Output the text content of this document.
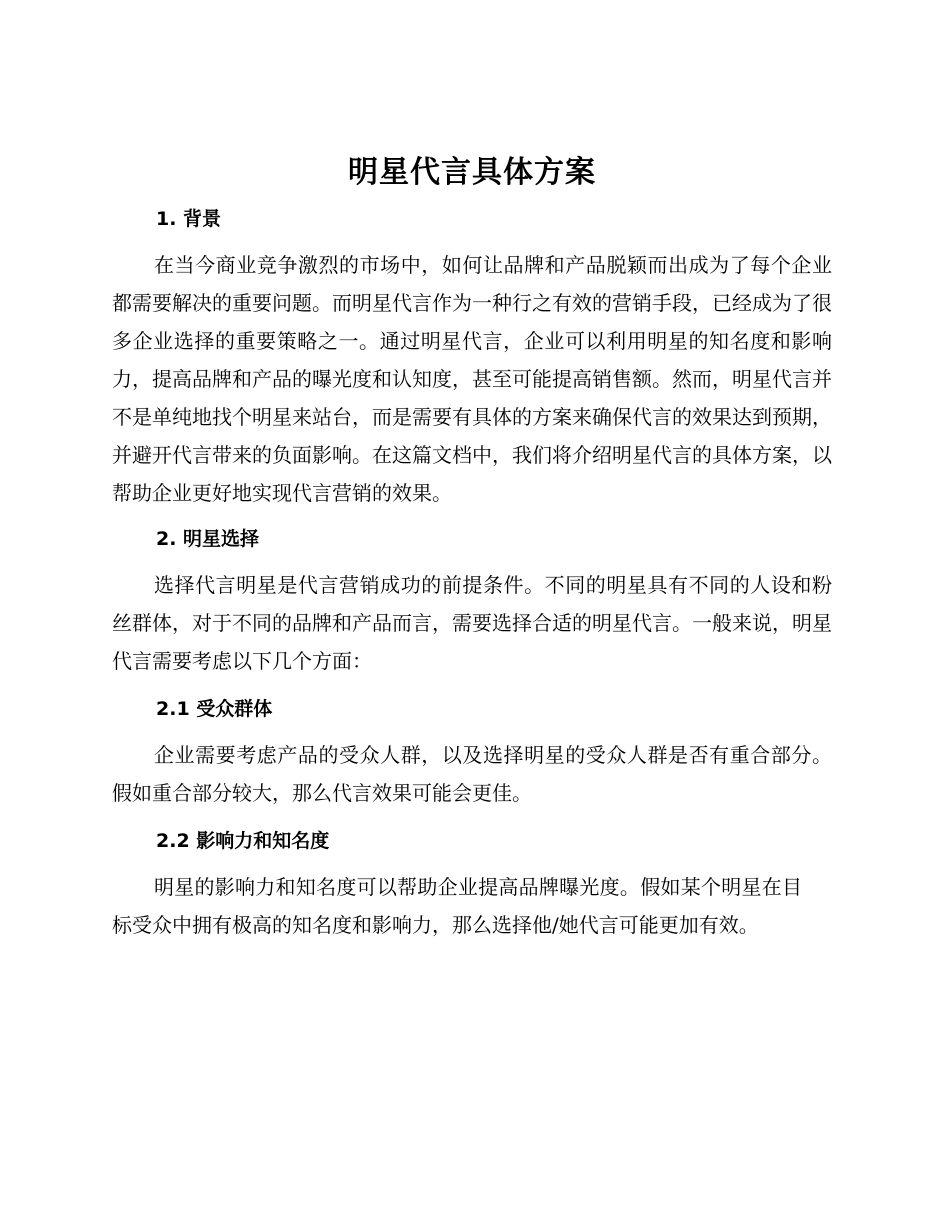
明星代言具体方案
1. 背景

在当今商业竞争激烈的市场中，如何让品牌和产品脱颖而出成为了每个企业都需要解决的重要问题。而明星代言作为一种行之有效的营销手段，已经成为了很多企业选择的重要策略之一。通过明星代言，企业可以利用明星的知名度和影响力，提高品牌和产品的曝光度和认知度，甚至可能提高销售额。然而，明星代言并不是单纯地找个明星来站台，而是需要有具体的方案来确保代言的效果达到预期，并避开代言带来的负面影响。在这篇文档中，我们将介绍明星代言的具体方案，以帮助企业更好地实现代言营销的效果。

2. 明星选择

选择代言明星是代言营销成功的前提条件。不同的明星具有不同的人设和粉丝群体，对于不同的品牌和产品而言，需要选择合适的明星代言。一般来说，明星代言需要考虑以下几个方面：

2.1 受众群体

企业需要考虑产品的受众人群，以及选择明星的受众人群是否有重合部分。假如重合部分较大，那么代言效果可能会更佳。

2.2 影响力和知名度

明星的影响力和知名度可以帮助企业提高品牌曝光度。假如某个明星在目标受众中拥有极高的知名度和影响力，那么选择他/她代言可能更加有效。
